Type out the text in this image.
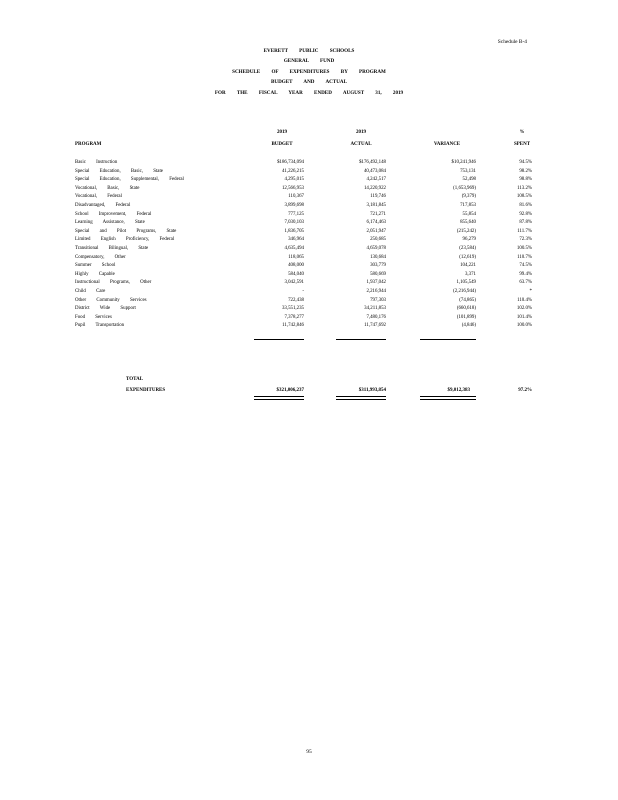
Schedule B-4
EVERETT PUBLIC SCHOOLS
GENERAL FUND
SCHEDULE OF EXPENDITURES BY PROGRAM
BUDGET AND ACTUAL
FOR THE FISCAL YEAR ENDED AUGUST 31, 2019
2019	2019	%
PROGRAM	BUDGET	ACTUAL	VARIANCE	SPENT
Basic Instruction	$186,734,094	$176,492,148	$10,241,946	94.5%
Special Education, Basic, State	41,226,215	40,473,084	753,131	98.2%
Special Education, Supplemental, Federal	4,295,015	4,242,517	52,498	98.8%
Vocational, Basic, State	12,566,953	14,220,922	(1,653,969)	113.2%
Vocational, Federal	110,367	119,746	(9,379)	108.5%
Disadvantaged, Federal	3,899,698	3,181,845	717,853	81.6%
School Improvement, Federal	777,125	721,271	55,854	92.8%
Learning Assistance, State	7,030,103	6,174,463	855,640	87.8%
Special and Pilot Programs, State	1,836,705	2,051,947	(215,242)	111.7%
Limited English Proficiency, Federal	346,964	250,685	96,279	72.3%
Transitional Bilingual, State	4,635,494	4,659,078	(23,584)	100.5%
Compensatory, Other	118,065	130,684	(12,619)	110.7%
Summer School	408,000	303,779	104,221	74.5%
Highly Capable	584,040	580,669	3,371	99.4%
Instructional Programs, Other	3,042,591	1,937,042	1,105,549	63.7%
Child Care	-	2,216,944	(2,216,944)	*
Other Community Services	722,438	797,303	(74,865)	110.4%
District Wide Support	33,551,235	34,211,853	(660,618)	102.0%
Food Services	7,378,277	7,480,176	(101,899)	101.4%
Pupil Transportation	11,742,846	11,747,692	(4,846)	100.0%
TOTAL
EXPENDITURES	$321,006,237	$311,993,854	$9,012,383	97.2%
95
